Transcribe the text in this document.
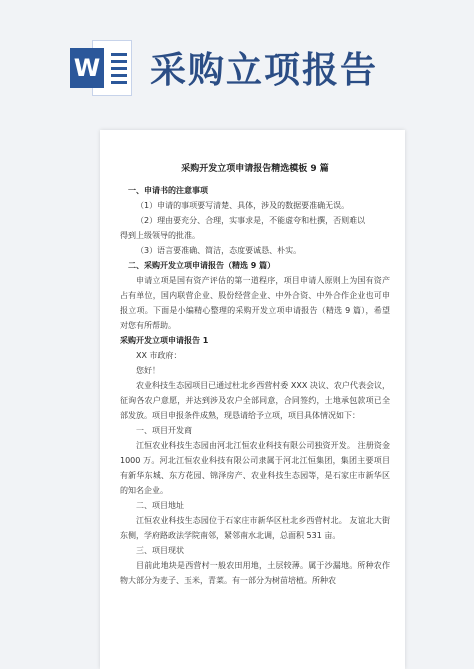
W 采购立项报告
采购开发立项申请报告精选模板 9 篇

一、申请书的注意事项

（1）申请的事项要写清楚、具体，涉及的数据要准确无误。

（2）理由要充分、合理，实事求是，不能虚夸和杜撰，否则难以

得到上级领导的批准。

（3）语言要准确、简洁，态度要诚恳、朴实。

二、采购开发立项申请报告（精选 9 篇）

申请立项是国有资产评估的第一道程序，项目申请人原则上为国有资产占有单位，国内联营企业、股份经营企业、中外合资、中外合作企业也可申报立项。下面是小编精心整理的采购开发立项申请报告（精选 9 篇），希望对您有所帮助。

采购开发立项申请报告 1

XX 市政府：

您好！

农业科技生态园项目已通过杜北乡西营村委 XXX 决议、农户代表会议，征询各农户意愿，并达到涉及农户全部同意，合同签约，土地承包款项已全部发放。项目申报条件成熟，现恳请给予立项，项目具体情况如下：

一、项目开发商

江恒农业科技生态园由河北江恒农业科技有限公司独资开发。 注册资金 1000 万。河北江恒农业科技有限公司隶属于河北江恒集团，集团主要项目有新华东城、东方花园、锦泽房产、农业科技生态园等，是石家庄市新华区的知名企业。

二、项目地址

江恒农业科技生态园位于石家庄市新华区杜北乡西营村北。 友谊北大街东侧，学府路政法学院南邻，紧邻南水北调，总面积 531 亩。

三、项目现状

目前此地块是西营村一般农田用地，土层较薄。属于沙漏地。所种农作物大部分为麦子、玉米，青菜。有一部分为树苗培植。所种农
